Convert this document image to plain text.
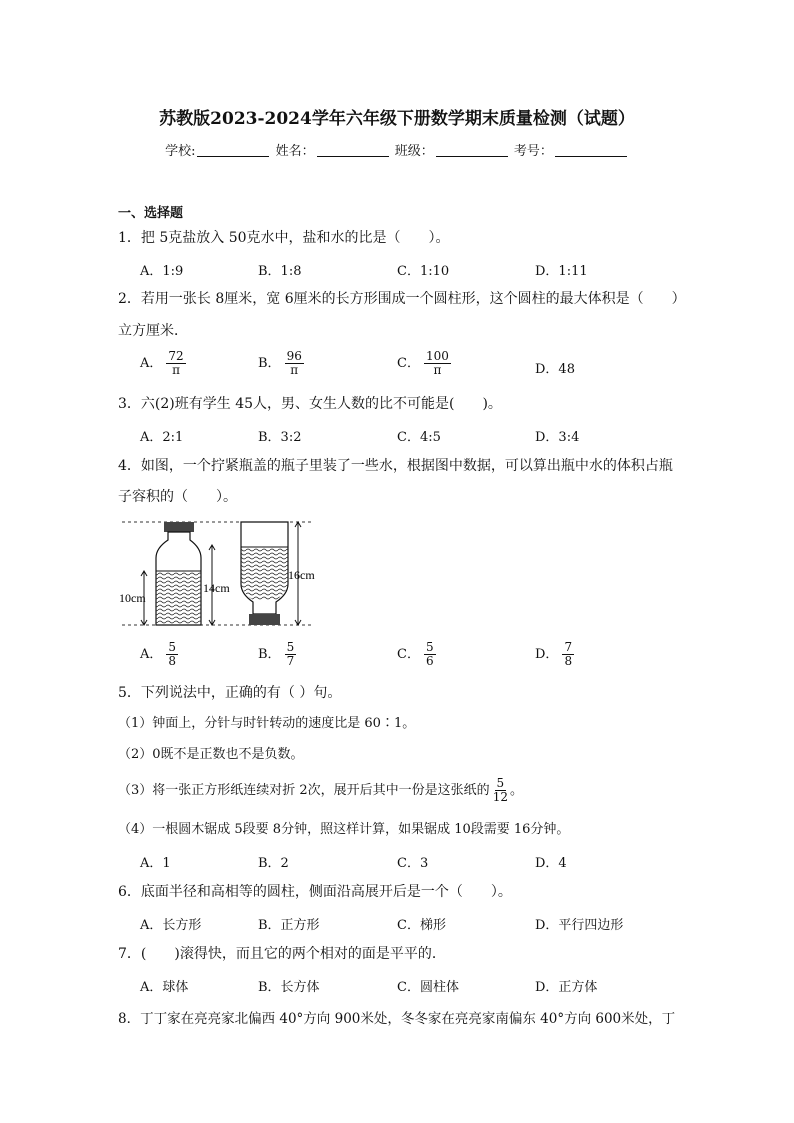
苏教版2023-2024学年六年级下册数学期末质量检测（试题）
学校:	姓名：	班级：	考号：
一、选择题
1．把 5克盐放入 50克水中，盐和水的比是（　　）。
A．1:9	B．1:8	C．1:10	D．1:11
2．若用一张长 8厘米，宽 6厘米的长方形围成一个圆柱形，这个圆柱的最大体积是（　　）
立方厘米．
A． $\frac{72}{\pi}$	B． $\frac{96}{\pi}$	C． $\frac{100}{\pi}$	D．48
3．六(2)班有学生 45人，男、女生人数的比不可能是(　　)。
A．2:1	B．3:2	C．4:5	D．3:4
4．如图，一个拧紧瓶盖的瓶子里装了一些水，根据图中数据，可以算出瓶中水的体积占瓶
子容积的（　　）。
10cm
14cm
16cm
A． $\frac{5}{8}$	B． $\frac{5}{7}$	C． $\frac{5}{6}$	D． $\frac{7}{8}$
5．下列说法中，正确的有（ ）句。
（1）钟面上，分针与时针转动的速度比是 60∶1。
（2）0既不是正数也不是负数。
（3）将一张正方形纸连续对折 2次，展开后其中一份是这张纸的 $\frac{5}{12}$ 。
（4）一根圆木锯成 5段要 8分钟，照这样计算，如果锯成 10段需要 16分钟。
A．1	B．2	C．3	D．4
6．底面半径和高相等的圆柱，侧面沿高展开后是一个（　　）。
A．长方形	B．正方形	C．梯形	D．平行四边形
7．(　　)滚得快，而且它的两个相对的面是平平的．
A．球体	B．长方体	C．圆柱体	D．正方体
8．丁丁家在亮亮家北偏西 40°方向 900米处，冬冬家在亮亮家南偏东 40°方向 600米处，丁
